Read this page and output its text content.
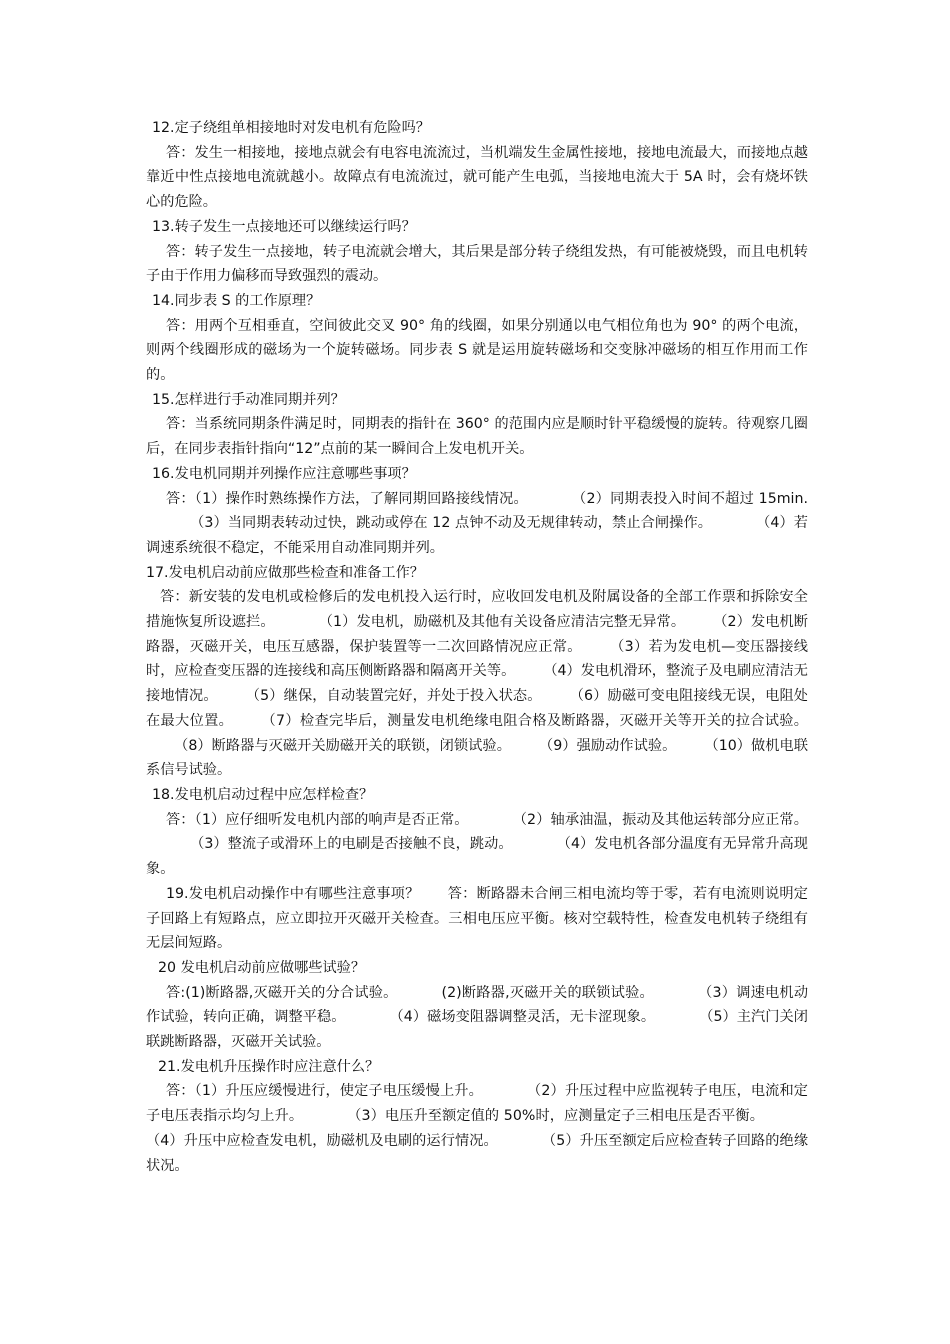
12.定子绕组单相接地时对发电机有危险吗？

答：发生一相接地，接地点就会有电容电流流过，当机端发生金属性接地，接地电流最大，而接地点越靠近中性点接地电流就越小。故障点有电流流过，就可能产生电弧，当接地电流大于 5A 时，会有烧坏铁心的危险。

13.转子发生一点接地还可以继续运行吗？

答：转子发生一点接地，转子电流就会增大，其后果是部分转子绕组发热，有可能被烧毁，而且电机转子由于作用力偏移而导致强烈的震动。

14.同步表 S 的工作原理？

答：用两个互相垂直，空间彼此交叉 90° 角的线圈，如果分别通以电气相位角也为 90° 的两个电流，则两个线圈形成的磁场为一个旋转磁场。同步表 S 就是运用旋转磁场和交变脉冲磁场的相互作用而工作的。

15.怎样进行手动准同期并列？

答：当系统同期条件满足时，同期表的指针在 360° 的范围内应是顺时针平稳缓慢的旋转。待观察几圈后，在同步表指针指向“12”点前的某一瞬间合上发电机开关。

16.发电机同期并列操作应注意哪些事项？

答：（1）操作时熟练操作方法，了解同期回路接线情况。	（2）同期表投入时间不超过 15min.（3）当同期表转动过快，跳动或停在 12 点钟不动及无规律转动，禁止合闸操作。	（4）若调速系统很不稳定，不能采用自动准同期并列。

17.发电机启动前应做那些检查和准备工作？

答：新安装的发电机或检修后的发电机投入运行时，应收回发电机及附属设备的全部工作票和拆除安全措施恢复所设遮拦。	（1）发电机，励磁机及其他有关设备应清洁完整无异常。 （2）发电机断路器，灭磁开关，电压互感器，保护装置等一二次回路情况应正常。 （3）若为发电机—变压器接线时，应检查变压器的连接线和高压侧断路器和隔离开关等。 （4）发电机滑环，整流子及电刷应清洁无接地情况。 （5）继保，自动装置完好，并处于投入状态。 （6）励磁可变电阻接线无误，电阻处在最大位置。 （7）检查完毕后，测量发电机绝缘电阻合格及断路器，灭磁开关等开关的拉合试验。（8）断路器与灭磁开关励磁开关的联锁，闭锁试验。 （9）强励动作试验。 （10）做机电联系信号试验。

18.发电机启动过程中应怎样检查？

答：（1）应仔细听发电机内部的响声是否正常。	（2）轴承油温，振动及其他运转部分应正常。（3）整流子或滑环上的电刷是否接触不良，跳动。	（4）发电机各部分温度有无异常升高现象。

19.发电机启动操作中有哪些注意事项？ 答：断路器未合闸三相电流均等于零，若有电流则说明定子回路上有短路点，应立即拉开灭磁开关检查。三相电压应平衡。核对空载特性，检查发电机转子绕组有无层间短路。

20 发电机启动前应做哪些试验？

答:(1)断路器,灭磁开关的分合试验。	(2)断路器,灭磁开关的联锁试验。	（3）调速电机动作试验，转向正确，调整平稳。	（4）磁场变阻器调整灵活，无卡涩现象。	（5）主汽门关闭联跳断路器，灭磁开关试验。

21.发电机升压操作时应注意什么？

答：（1）升压应缓慢进行，使定子电压缓慢上升。	（2）升压过程中应监视转子电压，电流和定子电压表指示均匀上升。	（3）电压升至额定值的 50%时，应测量定子三相电压是否平衡。（4）升压中应检查发电机，励磁机及电刷的运行情况。	（5）升压至额定后应检查转子回路的绝缘状况。
